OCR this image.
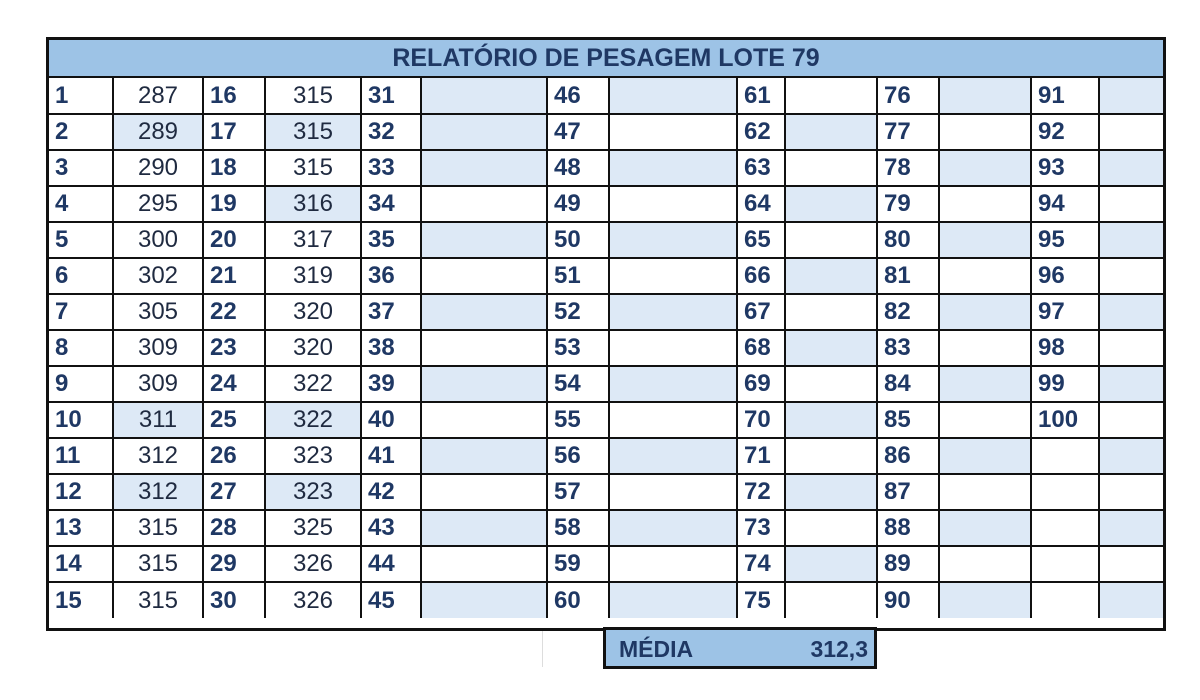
RELATÓRIO DE PESAGEM LOTE 79
1	287	16	315	31		46		61		76		91	
2	289	17	315	32		47		62		77		92	
3	290	18	315	33		48		63		78		93	
4	295	19	316	34		49		64		79		94	
5	300	20	317	35		50		65		80		95	
6	302	21	319	36		51		66		81		96	
7	305	22	320	37		52		67		82		97	
8	309	23	320	38		53		68		83		98	
9	309	24	322	39		54		69		84		99	
10	311	25	322	40		55		70		85		100	
11	312	26	323	41		56		71		86			
12	312	27	323	42		57		72		87			
13	315	28	325	43		58		73		88			
14	315	29	326	44		59		74		89			
15	315	30	326	45		60		75		90			
MÉDIA	312,3
